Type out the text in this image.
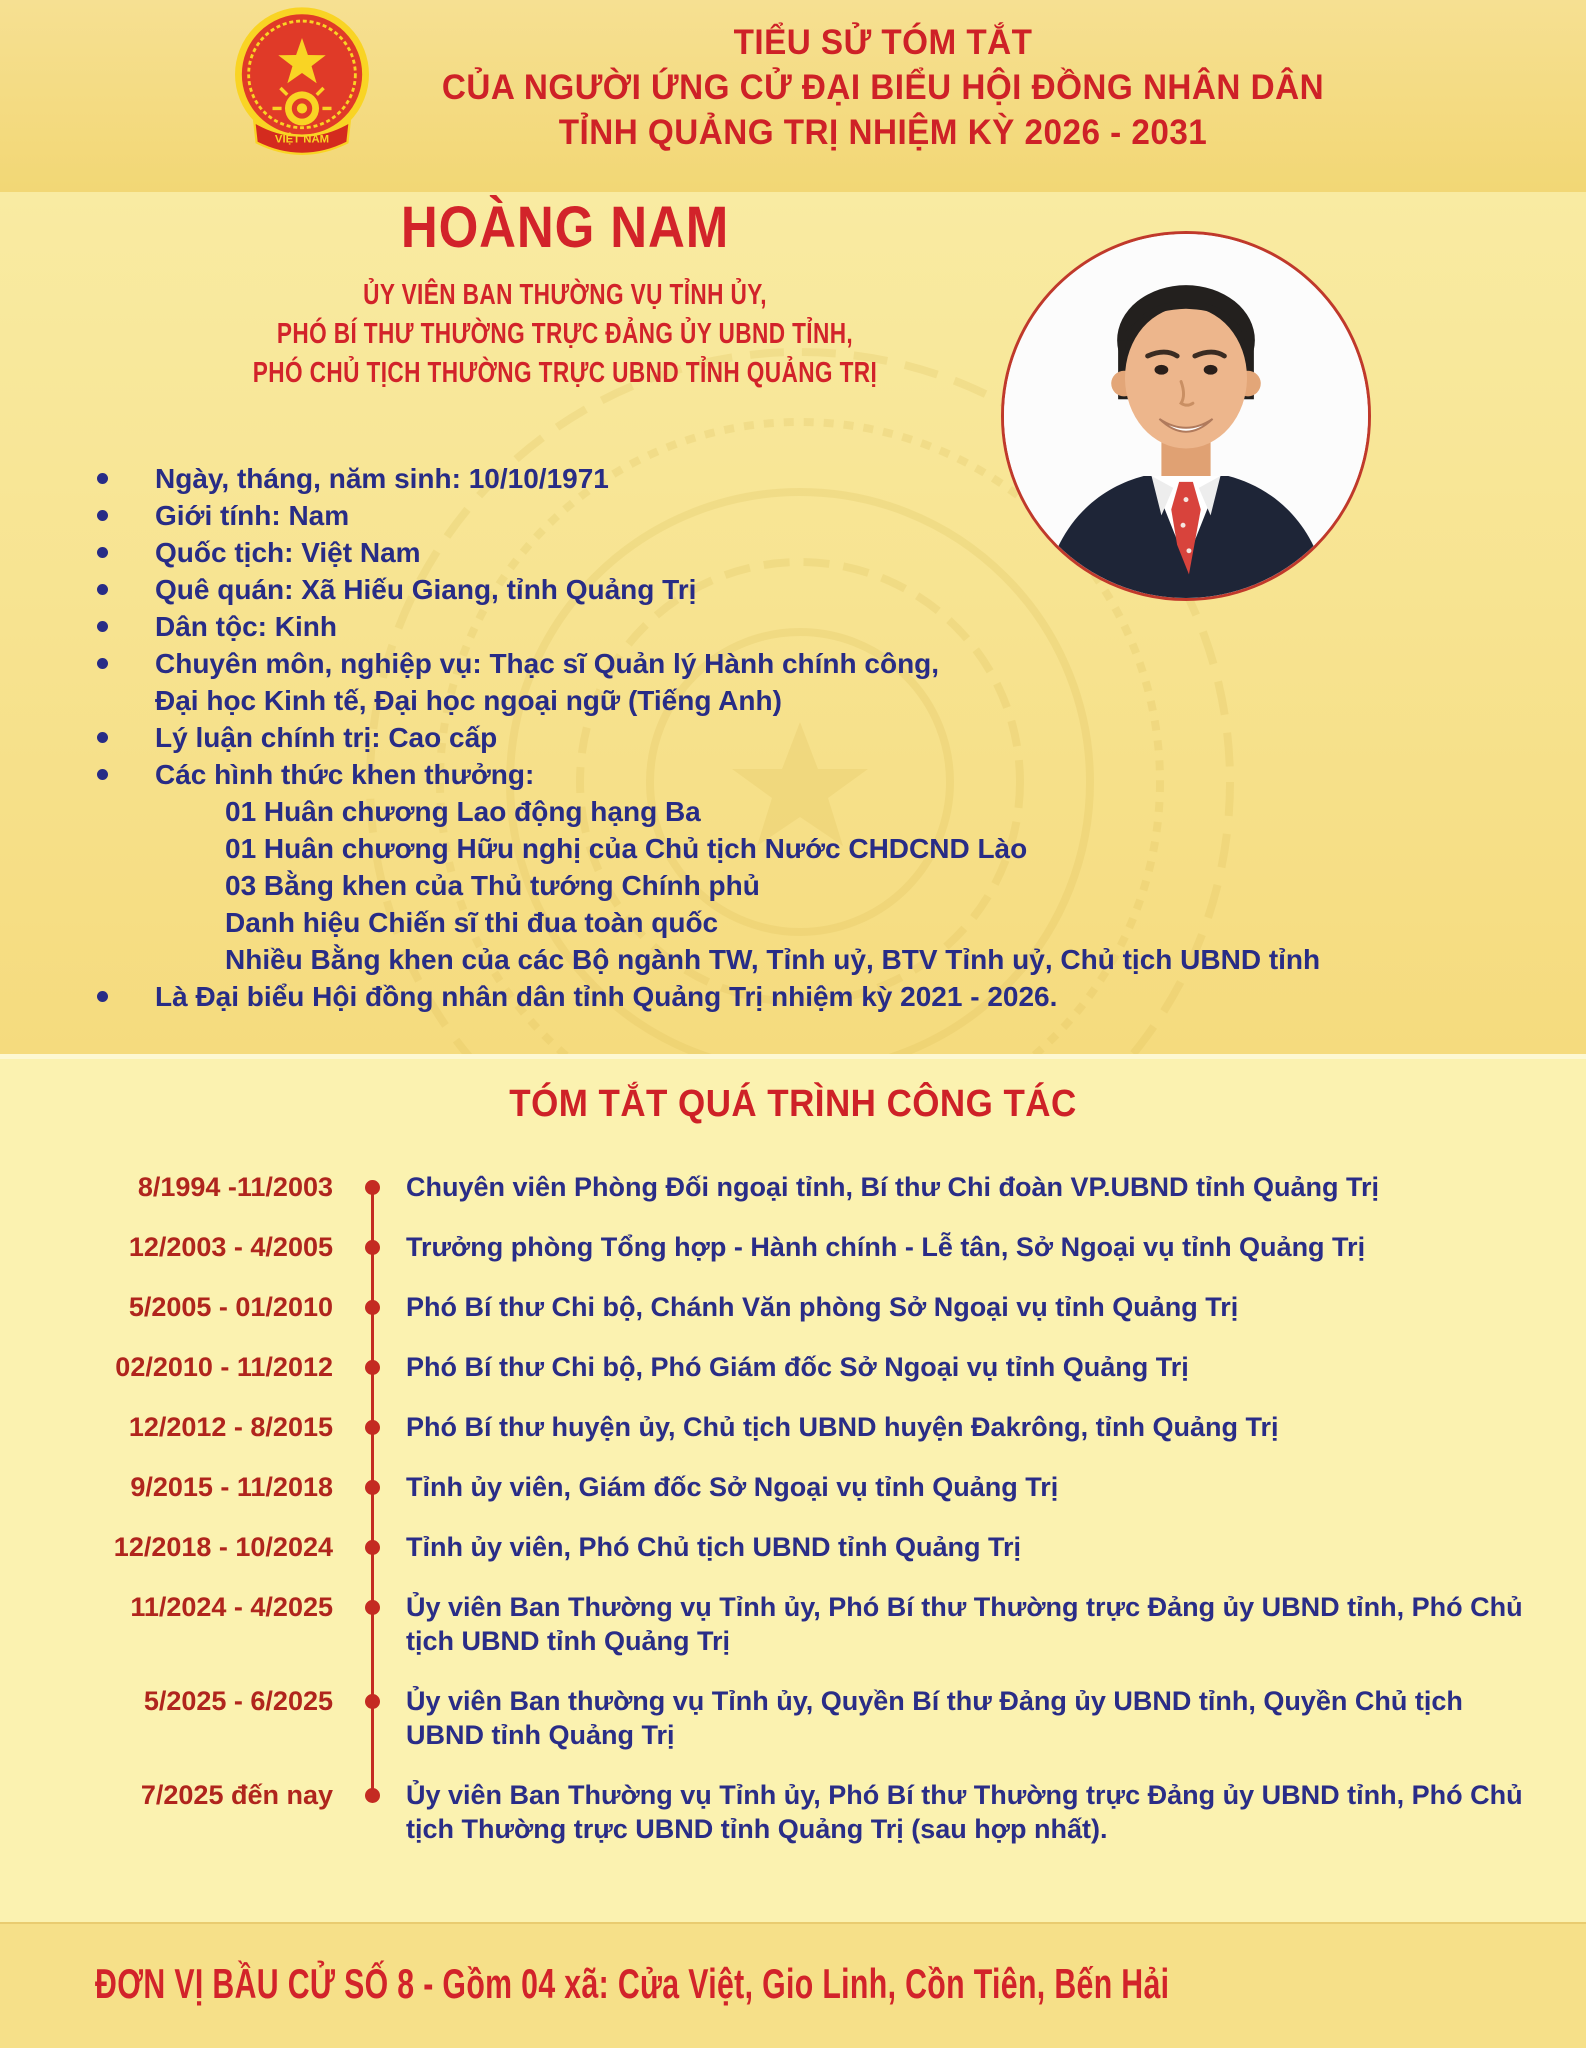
VIỆT NAM
TIỂU SỬ TÓM TẮT
CỦA NGƯỜI ỨNG CỬ ĐẠI BIỂU HỘI ĐỒNG NHÂN DÂN
TỈNH QUẢNG TRỊ NHIỆM KỲ 2026 - 2031
HOÀNG NAM
ỦY VIÊN BAN THƯỜNG VỤ TỈNH ỦY,
PHÓ BÍ THƯ THƯỜNG TRỰC ĐẢNG ỦY UBND TỈNH,
PHÓ CHỦ TỊCH THƯỜNG TRỰC UBND TỈNH QUẢNG TRỊ
Ngày, tháng, năm sinh: 10/10/1971
Giới tính: Nam
Quốc tịch: Việt Nam
Quê quán: Xã Hiếu Giang, tỉnh Quảng Trị
Dân tộc: Kinh
Chuyên môn, nghiệp vụ: Thạc sĩ Quản lý Hành chính công,
Đại học Kinh tế, Đại học ngoại ngữ (Tiếng Anh)
Lý luận chính trị: Cao cấp
Các hình thức khen thưởng:
01 Huân chương Lao động hạng Ba
01 Huân chương Hữu nghị của Chủ tịch Nước CHDCND Lào
03 Bằng khen của Thủ tướng Chính phủ
Danh hiệu Chiến sĩ thi đua toàn quốc
Nhiều Bằng khen của các Bộ ngành TW, Tỉnh uỷ, BTV Tỉnh uỷ, Chủ tịch UBND tỉnh
Là Đại biểu Hội đồng nhân dân tỉnh Quảng Trị nhiệm kỳ 2021 - 2026.
TÓM TẮT QUÁ TRÌNH CÔNG TÁC
8/1994 -11/2003	Chuyên viên Phòng Đối ngoại tỉnh, Bí thư Chi đoàn VP.UBND tỉnh Quảng Trị
12/2003 - 4/2005	Trưởng phòng Tổng hợp - Hành chính - Lễ tân, Sở Ngoại vụ tỉnh Quảng Trị
5/2005 - 01/2010	Phó Bí thư Chi bộ, Chánh Văn phòng Sở Ngoại vụ tỉnh Quảng Trị
02/2010 - 11/2012	Phó Bí thư Chi bộ, Phó Giám đốc Sở Ngoại vụ tỉnh Quảng Trị
12/2012 - 8/2015	Phó Bí thư huyện ủy, Chủ tịch UBND huyện Đakrông, tỉnh Quảng Trị
9/2015 - 11/2018	Tỉnh ủy viên, Giám đốc Sở Ngoại vụ tỉnh Quảng Trị
12/2018 - 10/2024	Tỉnh ủy viên, Phó Chủ tịch UBND tỉnh Quảng Trị
11/2024 - 4/2025	Ủy viên Ban Thường vụ Tỉnh ủy, Phó Bí thư Thường trực Đảng ủy UBND tỉnh, Phó Chủ tịch UBND tỉnh Quảng Trị
5/2025 - 6/2025	Ủy viên Ban thường vụ Tỉnh ủy, Quyền Bí thư Đảng ủy UBND tỉnh, Quyền Chủ tịch UBND tỉnh Quảng Trị
7/2025 đến nay	Ủy viên Ban Thường vụ Tỉnh ủy, Phó Bí thư Thường trực Đảng ủy UBND tỉnh, Phó Chủ tịch Thường trực UBND tỉnh Quảng Trị (sau hợp nhất).
ĐƠN VỊ BẦU CỬ SỐ 8 - Gồm 04 xã: Cửa Việt, Gio Linh, Cồn Tiên, Bến Hải
